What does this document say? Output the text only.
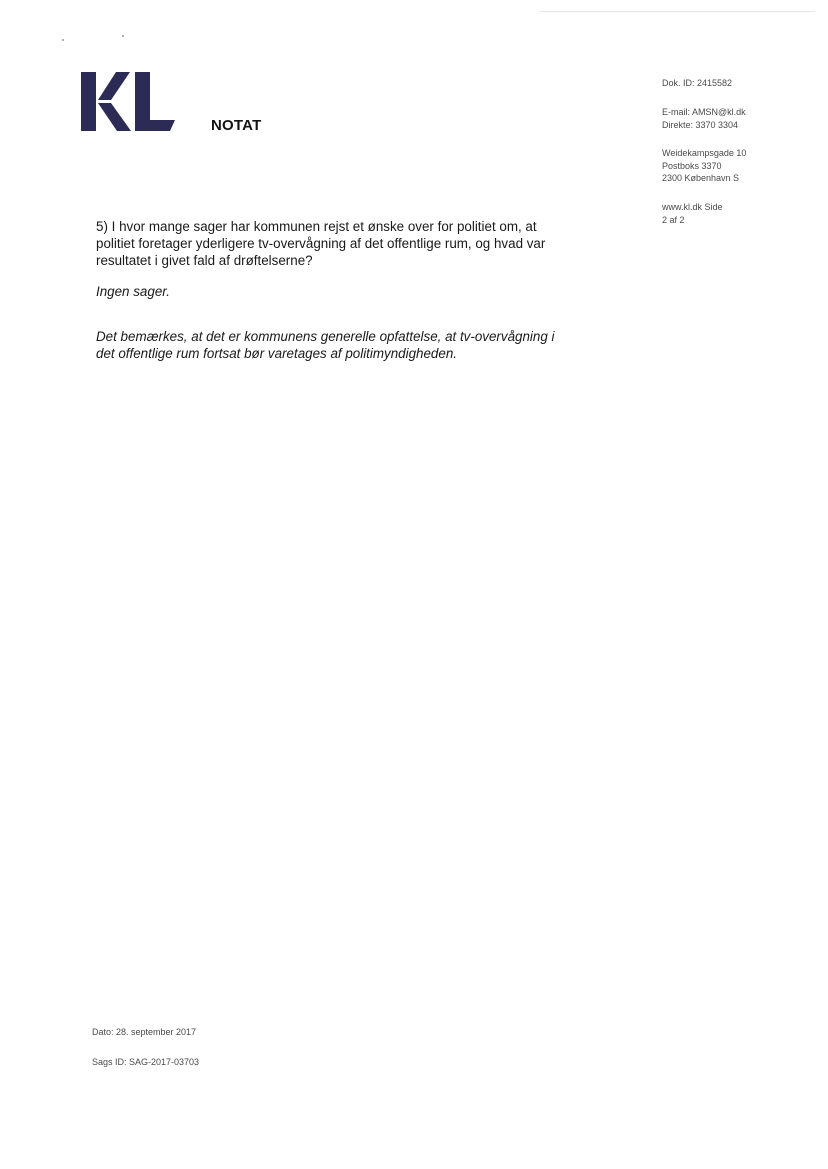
NOTAT
Dok. ID: 2415582
E-mail: AMSN@kl.dk
Direkte: 3370 3304
Weidekampsgade 10
Postboks 3370
2300 København S
www.kl.dk Side
2 af 2

5) I hvor mange sager har kommunen rejst et ønske over for politiet om, at politiet foretager yderligere tv-overvågning af det offentlige rum, og hvad var resultatet i givet fald af drøftelserne?

Ingen sager.

Det bemærkes, at det er kommunens generelle opfattelse, at tv-overvågning i det offentlige rum fortsat bør varetages af politimyndigheden.

Dato: 28. september 2017
Sags ID: SAG-2017-03703
